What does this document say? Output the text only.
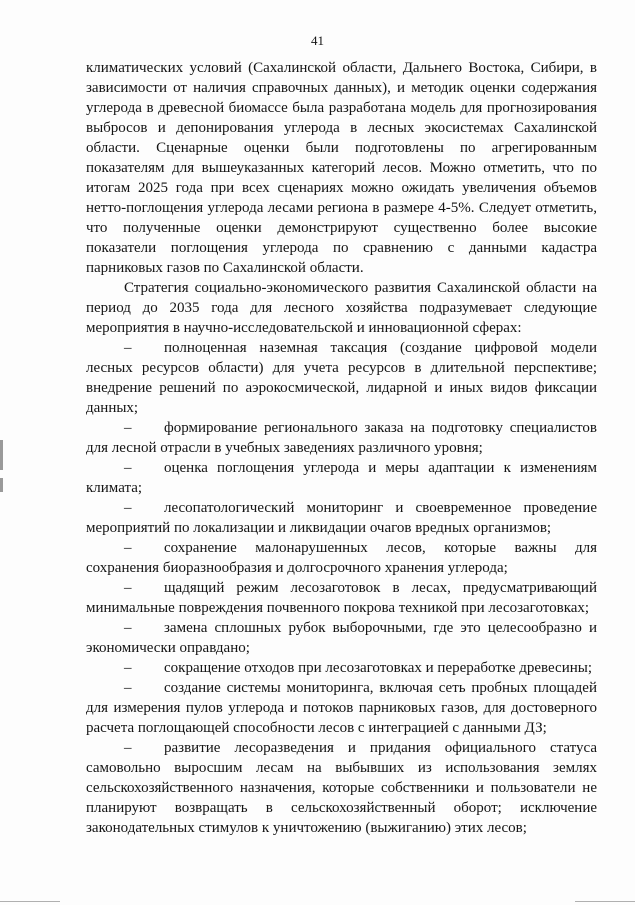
41

климатических условий (Сахалинской области, Дальнего Востока, Сибири, в зависимости от наличия справочных данных), и методик оценки содержания углерода в древесной биомассе была разработана модель для прогнозирования выбросов и депонирования углерода в лесных экосистемах Сахалинской области. Сценарные оценки были подготовлены по агрегированным показателям для вышеуказанных категорий лесов. Можно отметить, что по итогам 2025 года при всех сценариях можно ожидать увеличения объемов нетто-поглощения углерода лесами региона в размере 4-5%. Следует отметить, что полученные оценки демонстрируют существенно более высокие показатели поглощения углерода по сравнению с данными кадастра парниковых газов по Сахалинской области.

Стратегия социально-экономического развития Сахалинской области на период до 2035 года для лесного хозяйства подразумевает следующие мероприятия в научно-исследовательской и инновационной сферах:

– полноценная наземная таксация (создание цифровой модели лесных ресурсов области) для учета ресурсов в длительной перспективе; внедрение решений по аэрокосмической, лидарной и иных видов фиксации данных;

– формирование регионального заказа на подготовку специалистов для лесной отрасли в учебных заведениях различного уровня;

– оценка поглощения углерода и меры адаптации к изменениям климата;

– лесопатологический мониторинг и своевременное проведение мероприятий по локализации и ликвидации очагов вредных организмов;

– сохранение малонарушенных лесов, которые важны для сохранения биоразнообразия и долгосрочного хранения углерода;

– щадящий режим лесозаготовок в лесах, предусматривающий минимальные повреждения почвенного покрова техникой при лесозаготовках;

– замена сплошных рубок выборочными, где это целесообразно и экономически оправдано;

– сокращение отходов при лесозаготовках и переработке древесины;

– создание системы мониторинга, включая сеть пробных площадей для измерения пулов углерода и потоков парниковых газов, для достоверного расчета поглощающей способности лесов с интеграцией с данными ДЗ;

– развитие лесоразведения и придания официального статуса самовольно выросшим лесам на выбывших из использования землях сельскохозяйственного назначения, которые собственники и пользователи не планируют возвращать в сельскохозяйственный оборот; исключение законодательных стимулов к уничтожению (выжиганию) этих лесов;
